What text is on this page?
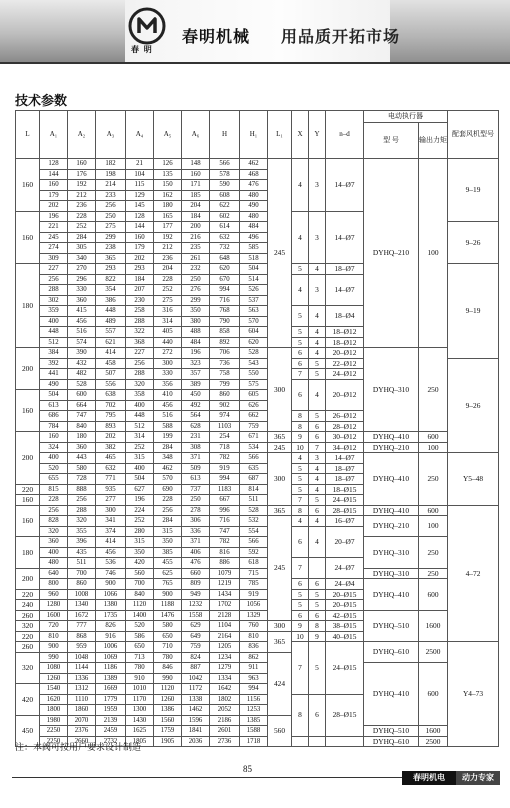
春 明
春明机械 用品质开拓市场
技术参数
L	A₁	A₂	A₃	A₄	A₅	A₆	H	H₁	L₁	X	Y	n–d	电动执行器		配套风机型号
													型 号	输出力矩	
160	128	160	182	21	126	148	566	462	245	4	3	14–Ø7	DYHQ–210	100	9–19
	144	176	198	104	135	160	578	468							
	160	192	214	115	150	171	590	476							
	179	212	233	129	162	185	608	480							
	202	236	256	145	180	204	622	490							
160	196	228	250	128	165	184	602	480		4	3	14–Ø7			
	221	252	275	144	177	200	614	484							9–26
	245	284	299	160	192	216	632	496							
	274	305	238	179	212	235	732	585							
	309	340	365	202	236	261	648	518							
180	227	270	293	293	204	232	620	504		5	4	18–Ø7			9–19
	256	296	822	184	228	250	670	514		4	3	14–Ø7			
	288	330	354	207	252	276	994	526							
	302	360	386	230	275	299	716	537							
	359	415	448	258	316	350	768	563		5	4	18–Ø4			
	400	456	489	288	314	380	790	570							
	448	516	557	322	405	488	858	604		5	4	18–Ø12			
	512	574	621	368	440	484	892	620		5	4	18–Ø12			
200	384	390	414	227	272	196	706	528	300	6	4	20–Ø12	DYHQ–310	250	
	392	432	458	256	300	323	736	543		6	5	22–Ø12			9–26
	441	482	507	288	330	357	758	550		7	5	24–Ø12			
	490	528	556	320	356	389	799	575		6	4	20–Ø12			
160	504	600	638	358	410	450	860	605							
	613	664	702	400	456	492	902	626							
	686	747	795	448	516	564	974	662		8	5	26–Ø12			
	784	840	893	512	588	628	1103	759		8	6	28–Ø12			
200	160	180	202	314	199	231	254	671	365	9	6	30–Ø12	DYHQ–410	600	
	324	360	382	252	284	308	718	534	245	10	7	34–Ø12	DYHQ–210	100	
	400	443	465	315	348	371	782	566	300	4	3	14–Ø7	DYHQ–410	250	Y5–48
	520	580	632	400	462	509	919	635		5	4	18–Ø7			
	655	728	771	504	570	613	994	687		5	4	18–Ø7			
220	815	888	935	627	690	737	1183	814		5	4	18–Ø15			
160	228	256	277	196	228	250	667	511		7	5	24–Ø15			
160	256	288	300	224	256	278	996	528	365	8	6	28–Ø15	DYHQ–410	600	4–72
	828	320	341	252	284	306	716	532	245	4	4	16–Ø7	DYHQ–210	100	
	320	355	374	280	315	336	747	554		6	4	20–Ø7			
180	360	396	414	315	350	371	782	566					DYHQ–310	250	
	400	435	456	350	385	406	816	592							
	480	511	536	420	455	476	886	618		7		24–Ø7			
200	640	700	746	560	625	660	1079	715					DYHQ–310	250	
	800	860	900	700	765	809	1219	785		6	6	24–Ø4	DYHQ–410	600	
220	960	1008	1066	840	900	949	1434	919		5	5	20–Ø15			
240	1280	1340	1380	1120	1188	1232	1702	1056		5	5	20–Ø15			
260	1600	1672	1735	1400	1476	1558	2128	1329		6	6	42–Ø15	DYHQ–510	1600	
320	720	777	826	520	580	629	1104	760	300	9	8	38–Ø15			
220	810	868	916	586	650	649	2164	810	365	10	9	40–Ø15			
260	900	959	1006	650	710	759	1205	836		7	5	24–Ø15	DYHQ–610	2500	Y4–73
320	990	1048	1069	713	780	824	1234	862	424						
	1080	1144	1186	780	846	887	1279	911					DYHQ–410	600	
	1260	1336	1389	910	990	1042	1334	963							
420	1540	1312	1669	1010	1120	1172	1642	994							
	1620	1110	1779	1170	1260	1338	1802	1156		8	6	28–Ø15			
	1800	1860	1959	1300	1386	1462	2052	1253							
450	1980	2070	2139	1430	1560	1596	2186	1385	560						
	2250	2376	2459	1625	1759	1841	2601	1588					DYHQ–510	1600	
	2250	2660	2732	1805	1905	2036	2736	1718					DYHQ–610	2500	
注：本阀可按用户要求设计制造
85
春明机电	动力专家
